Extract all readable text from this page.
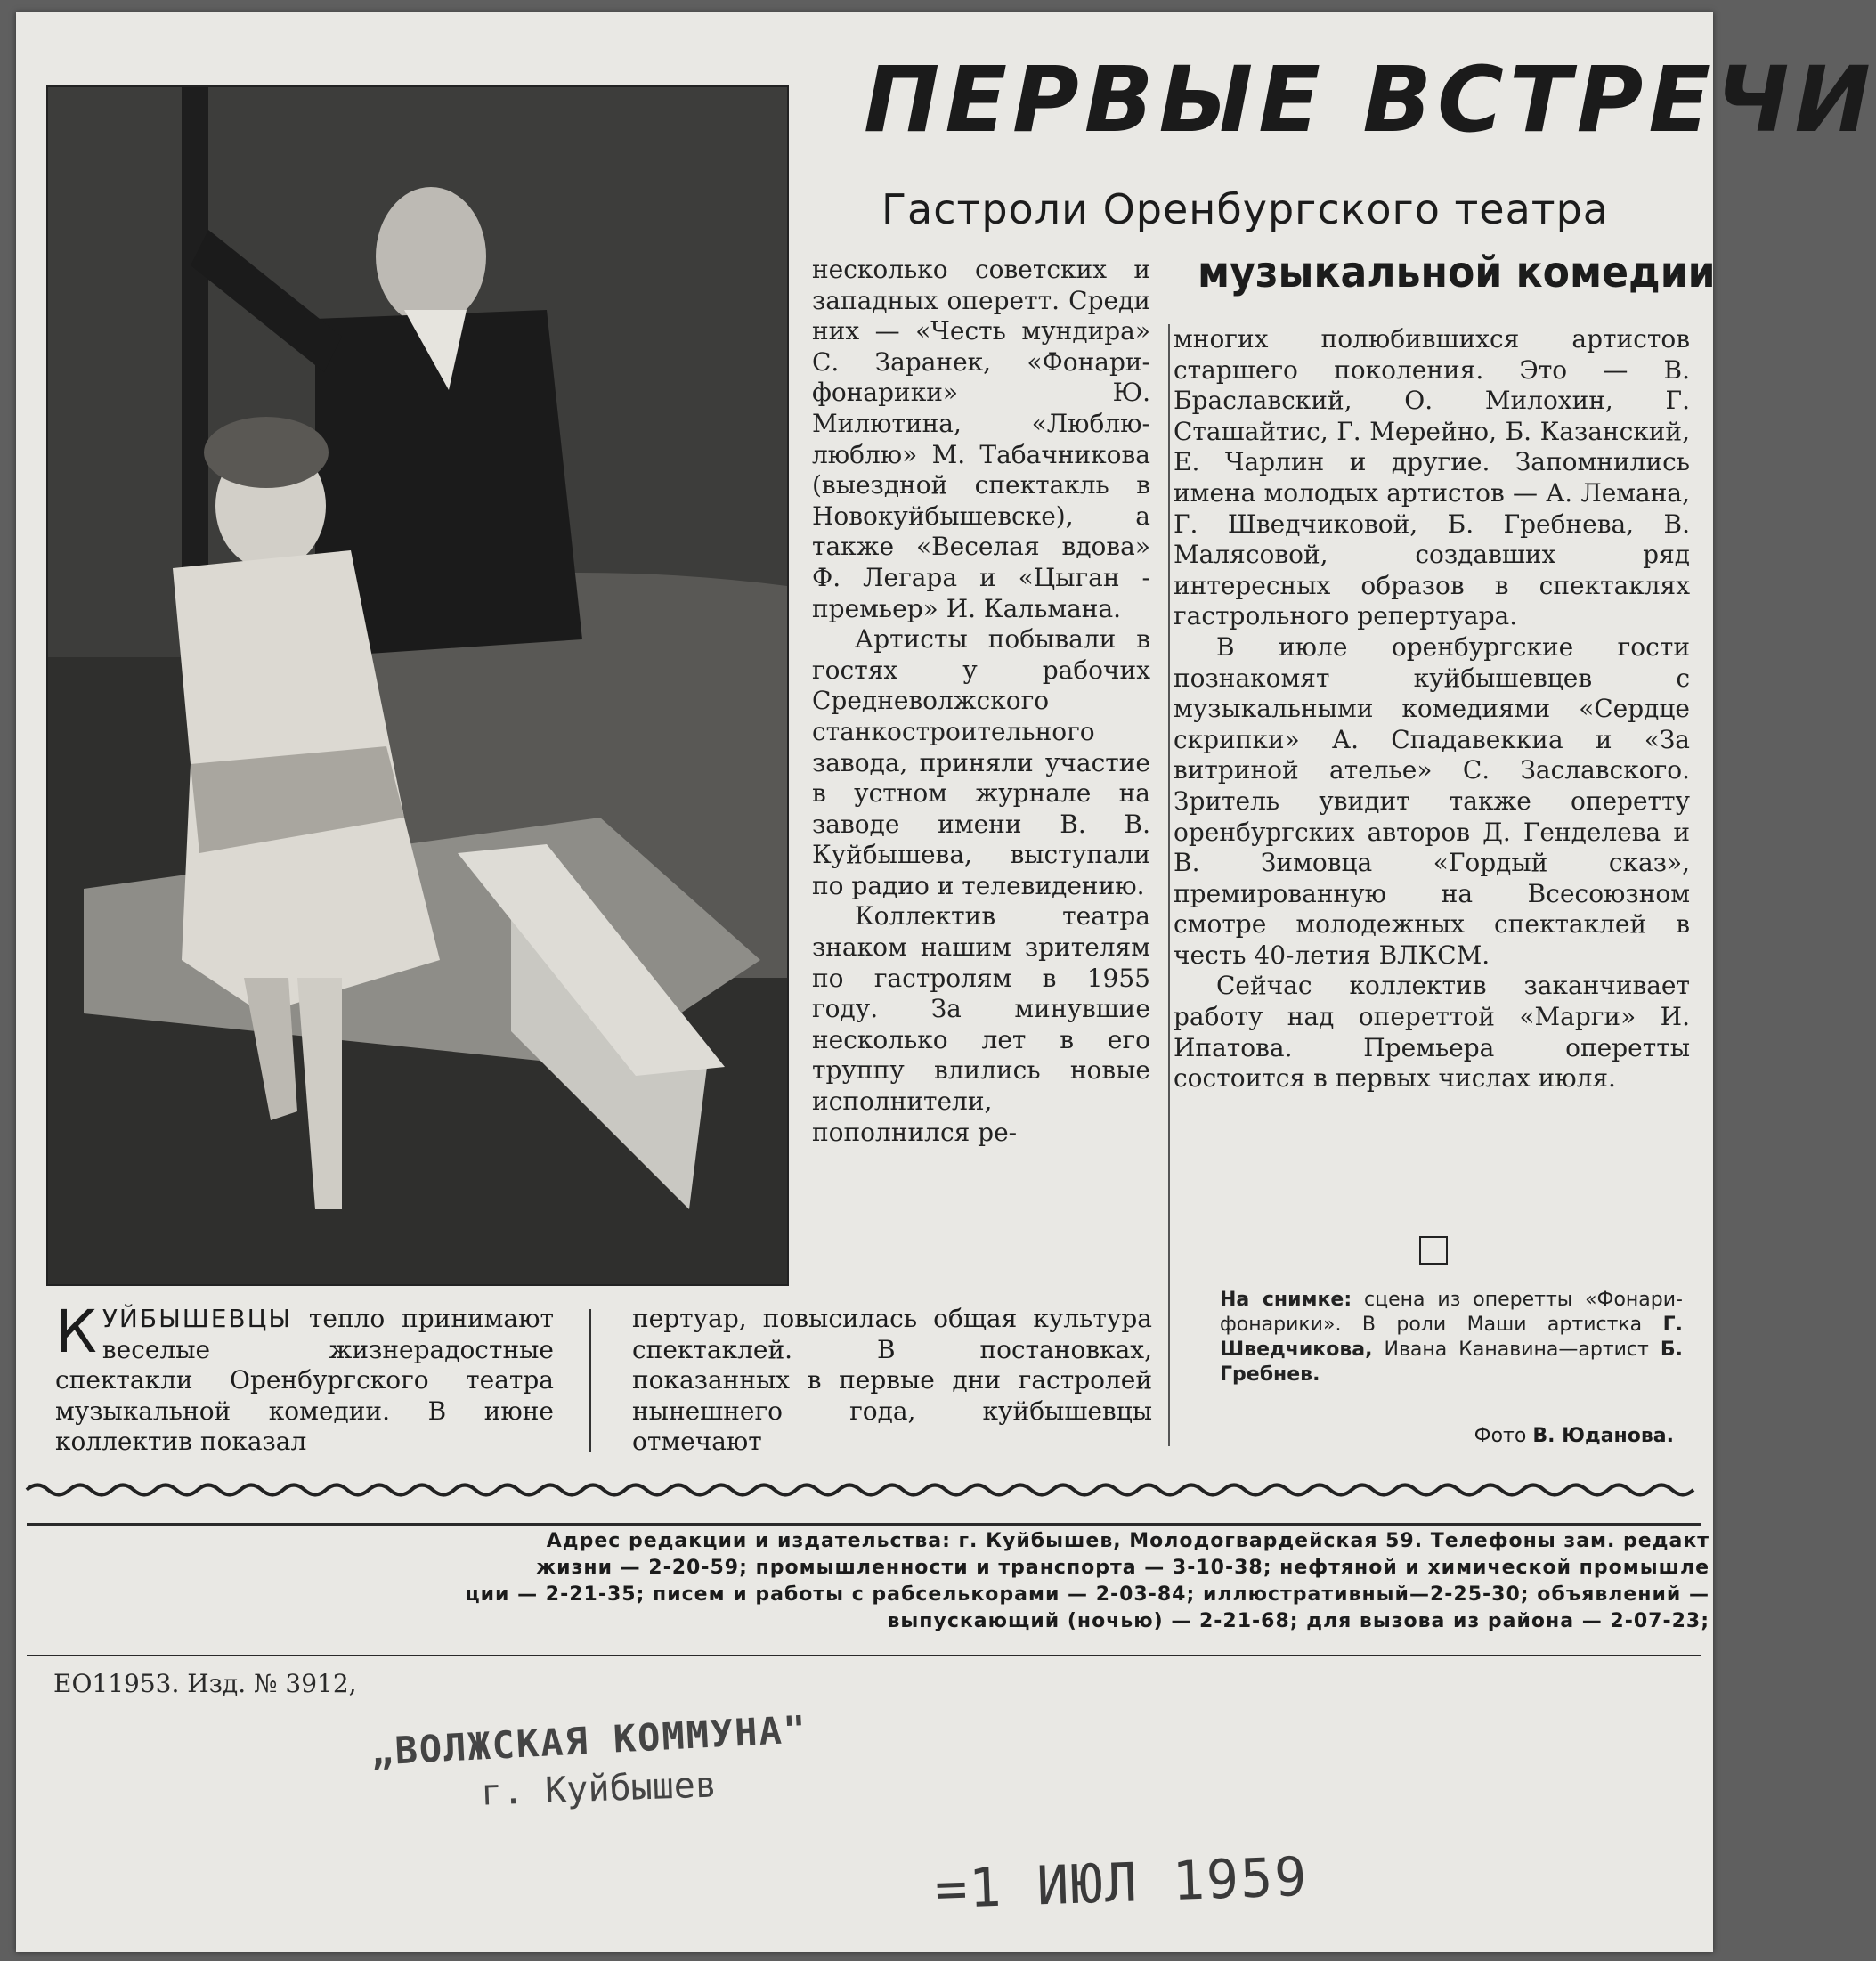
ПЕРВЫЕ ВСТРЕЧИ
Гастроли Оренбургского театра
музыкальной комедии

несколько советских и западных оперетт. Среди них — «Честь мундира» С. Заранек, «Фонари-фонарики» Ю. Милютина, «Люблю-люблю» М. Табачникова (выездной спектакль в Новокуйбышевске), а также «Веселая вдова» Ф. Легара и «Цыган - премьер» И. Кальмана.

Артисты побывали в гостях у рабочих Средневолжского станкостроительного завода, приняли участие в устном журнале на заводе имени В. В. Куйбышева, выступали по радио и телевидению.

Коллектив театра знаком нашим зрителям по гастролям в 1955 году. За минувшие несколько лет в его труппу влились новые исполнители, пополнился ре-

многих полюбившихся артистов старшего поколения. Это — В. Браславский, О. Милохин, Г. Сташайтис, Г. Мерейно, Б. Казанский, Е. Чарлин и другие. Запомнились имена молодых артистов — А. Лемана, Г. Шведчиковой, Б. Гребнева, В. Малясовой, создавших ряд интересных образов в спектаклях гастрольного репертуара.

В июле оренбургские гости познакомят куйбышевцев с музыкальными комедиями «Сердце скрипки» А. Спадавеккиа и «За витриной ателье» С. Заславского. Зритель увидит также оперетту оренбургских авторов Д. Генделева и В. Зимовца «Гордый сказ», премированную на Всесоюзном смотре молодежных спектаклей в честь 40-летия ВЛКСМ.

Сейчас коллектив заканчивает работу над опереттой «Марги» И. Ипатова. Премьера оперетты состоится в первых числах июля.

КУЙБЫШЕВЦЫ тепло принимают веселые жизнерадостные спектакли Оренбургского театра музыкальной комедии. В июне коллектив показал
пертуар, повысилась общая культура спектаклей. В постановках, показанных в первые дни гастролей нынешнего года, куйбышевцы отмечают
На снимке: сцена из оперетты «Фонари-фонарики». В роли Маши артистка Г. Шведчикова, Ивана Канавина—артист Б. Гребнев.
Фото В. Юданова.
Адрес редакции и издательства: г. Куйбышев, Молодогвардейская 59. Телефоны зам. редакт
жизни — 2-20-59; промышленности и транспорта — 3-10-38; нефтяной и химической промышле
ции — 2-21-35; писем и работы с рабселькорами — 2-03-84; иллюстративный—2-25-30; объявлений —
выпускающий (ночью) — 2-21-68; для вызова из района — 2-07-23;
ЕО11953. Изд. № 3912,
„ВОЛЖСКАЯ КОММУНА"
г. Куйбышев
=1 ИЮЛ 1959
